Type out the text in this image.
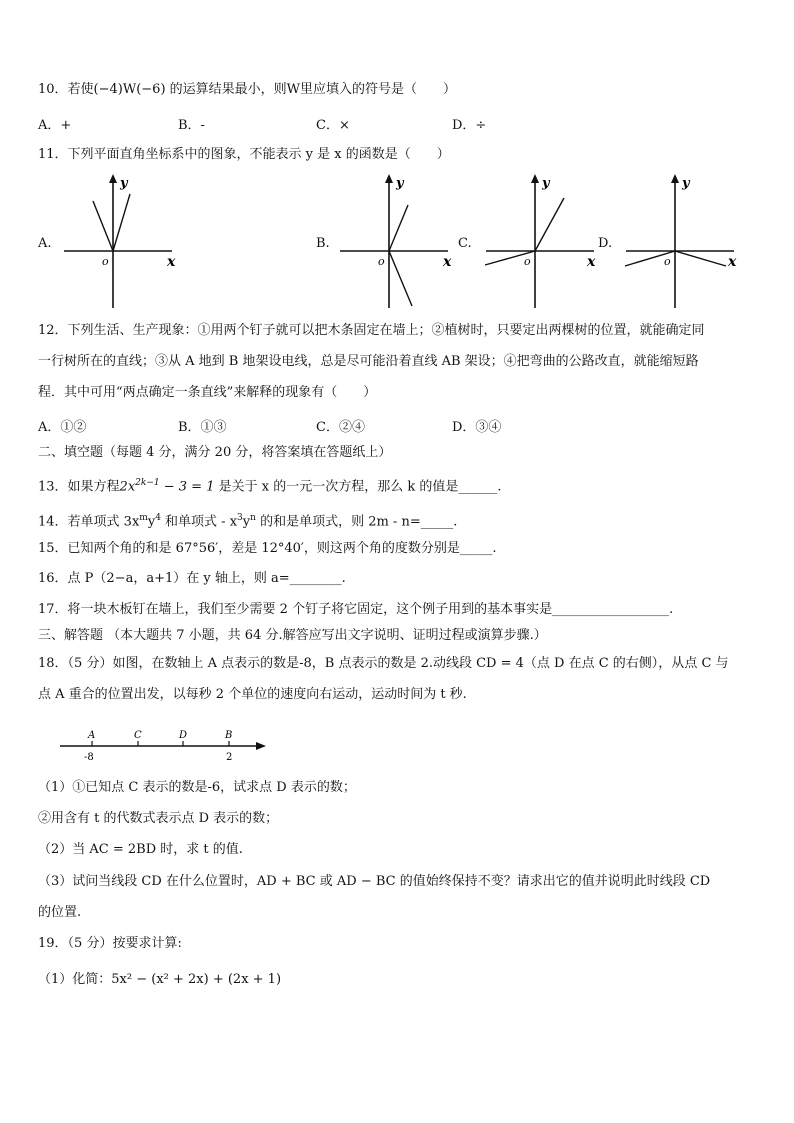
10．若使(−4)W(−6) 的运算结果最小，则W里应填入的符号是（　　）
A．+	B．-	C．×	D．÷
11．下列平面直角坐标系中的图象，不能表示 y 是 x 的函数是（　　）
A.	B.	C.	D.
y
x
o
y
x
o
y
x
o
y
x
o
12．下列生活、生产现象：①用两个钉子就可以把木条固定在墙上；②植树时，只要定出两棵树的位置，就能确定同
一行树所在的直线；③从 A 地到 B 地架设电线，总是尽可能沿着直线 AB 架设；④把弯曲的公路改直，就能缩短路
程．其中可用“两点确定一条直线”来解释的现象有（　　）
A．①②	B．①③	C．②④	D．③④
二、填空题（每题 4 分，满分 20 分，将答案填在答题纸上）
13．如果方程$2x^{2k-1} - 3 = 1$ 是关于 x 的一元一次方程，那么 k 的值是______.
14．若单项式 $3x^my^4$ 和单项式 - $x^3y^n$ 的和是单项式，则 2m - n=_____.
15．已知两个角的和是 67°56′，差是 12°40′，则这两个角的度数分别是_____.
16．点 P（2−a，a+1）在 y 轴上，则 a=________.
17．将一块木板钉在墙上，我们至少需要 2 个钉子将它固定，这个例子用到的基本事实是__________________.
三、解答题 （本大题共 7 小题，共 64 分.解答应写出文字说明、证明过程或演算步骤.）
18．（5 分）如图，在数轴上 A 点表示的数是-8，B 点表示的数是 2.动线段 CD = 4（点 D 在点 C 的右侧），从点 C 与
点 A 重合的位置出发，以每秒 2 个单位的速度向右运动，运动时间为 t 秒.
A	C	D	B
-8	2
（1）①已知点 C 表示的数是-6，试求点 D 表示的数；
②用含有 t 的代数式表示点 D 表示的数；
（2）当 AC = 2BD 时，求 t 的值.
（3）试问当线段 CD 在什么位置时，AD + BC 或 AD − BC 的值始终保持不变？请求出它的值并说明此时线段 CD
的位置.
19．（5 分）按要求计算:
（1）化简：5x² − (x² + 2x) + (2x + 1)
